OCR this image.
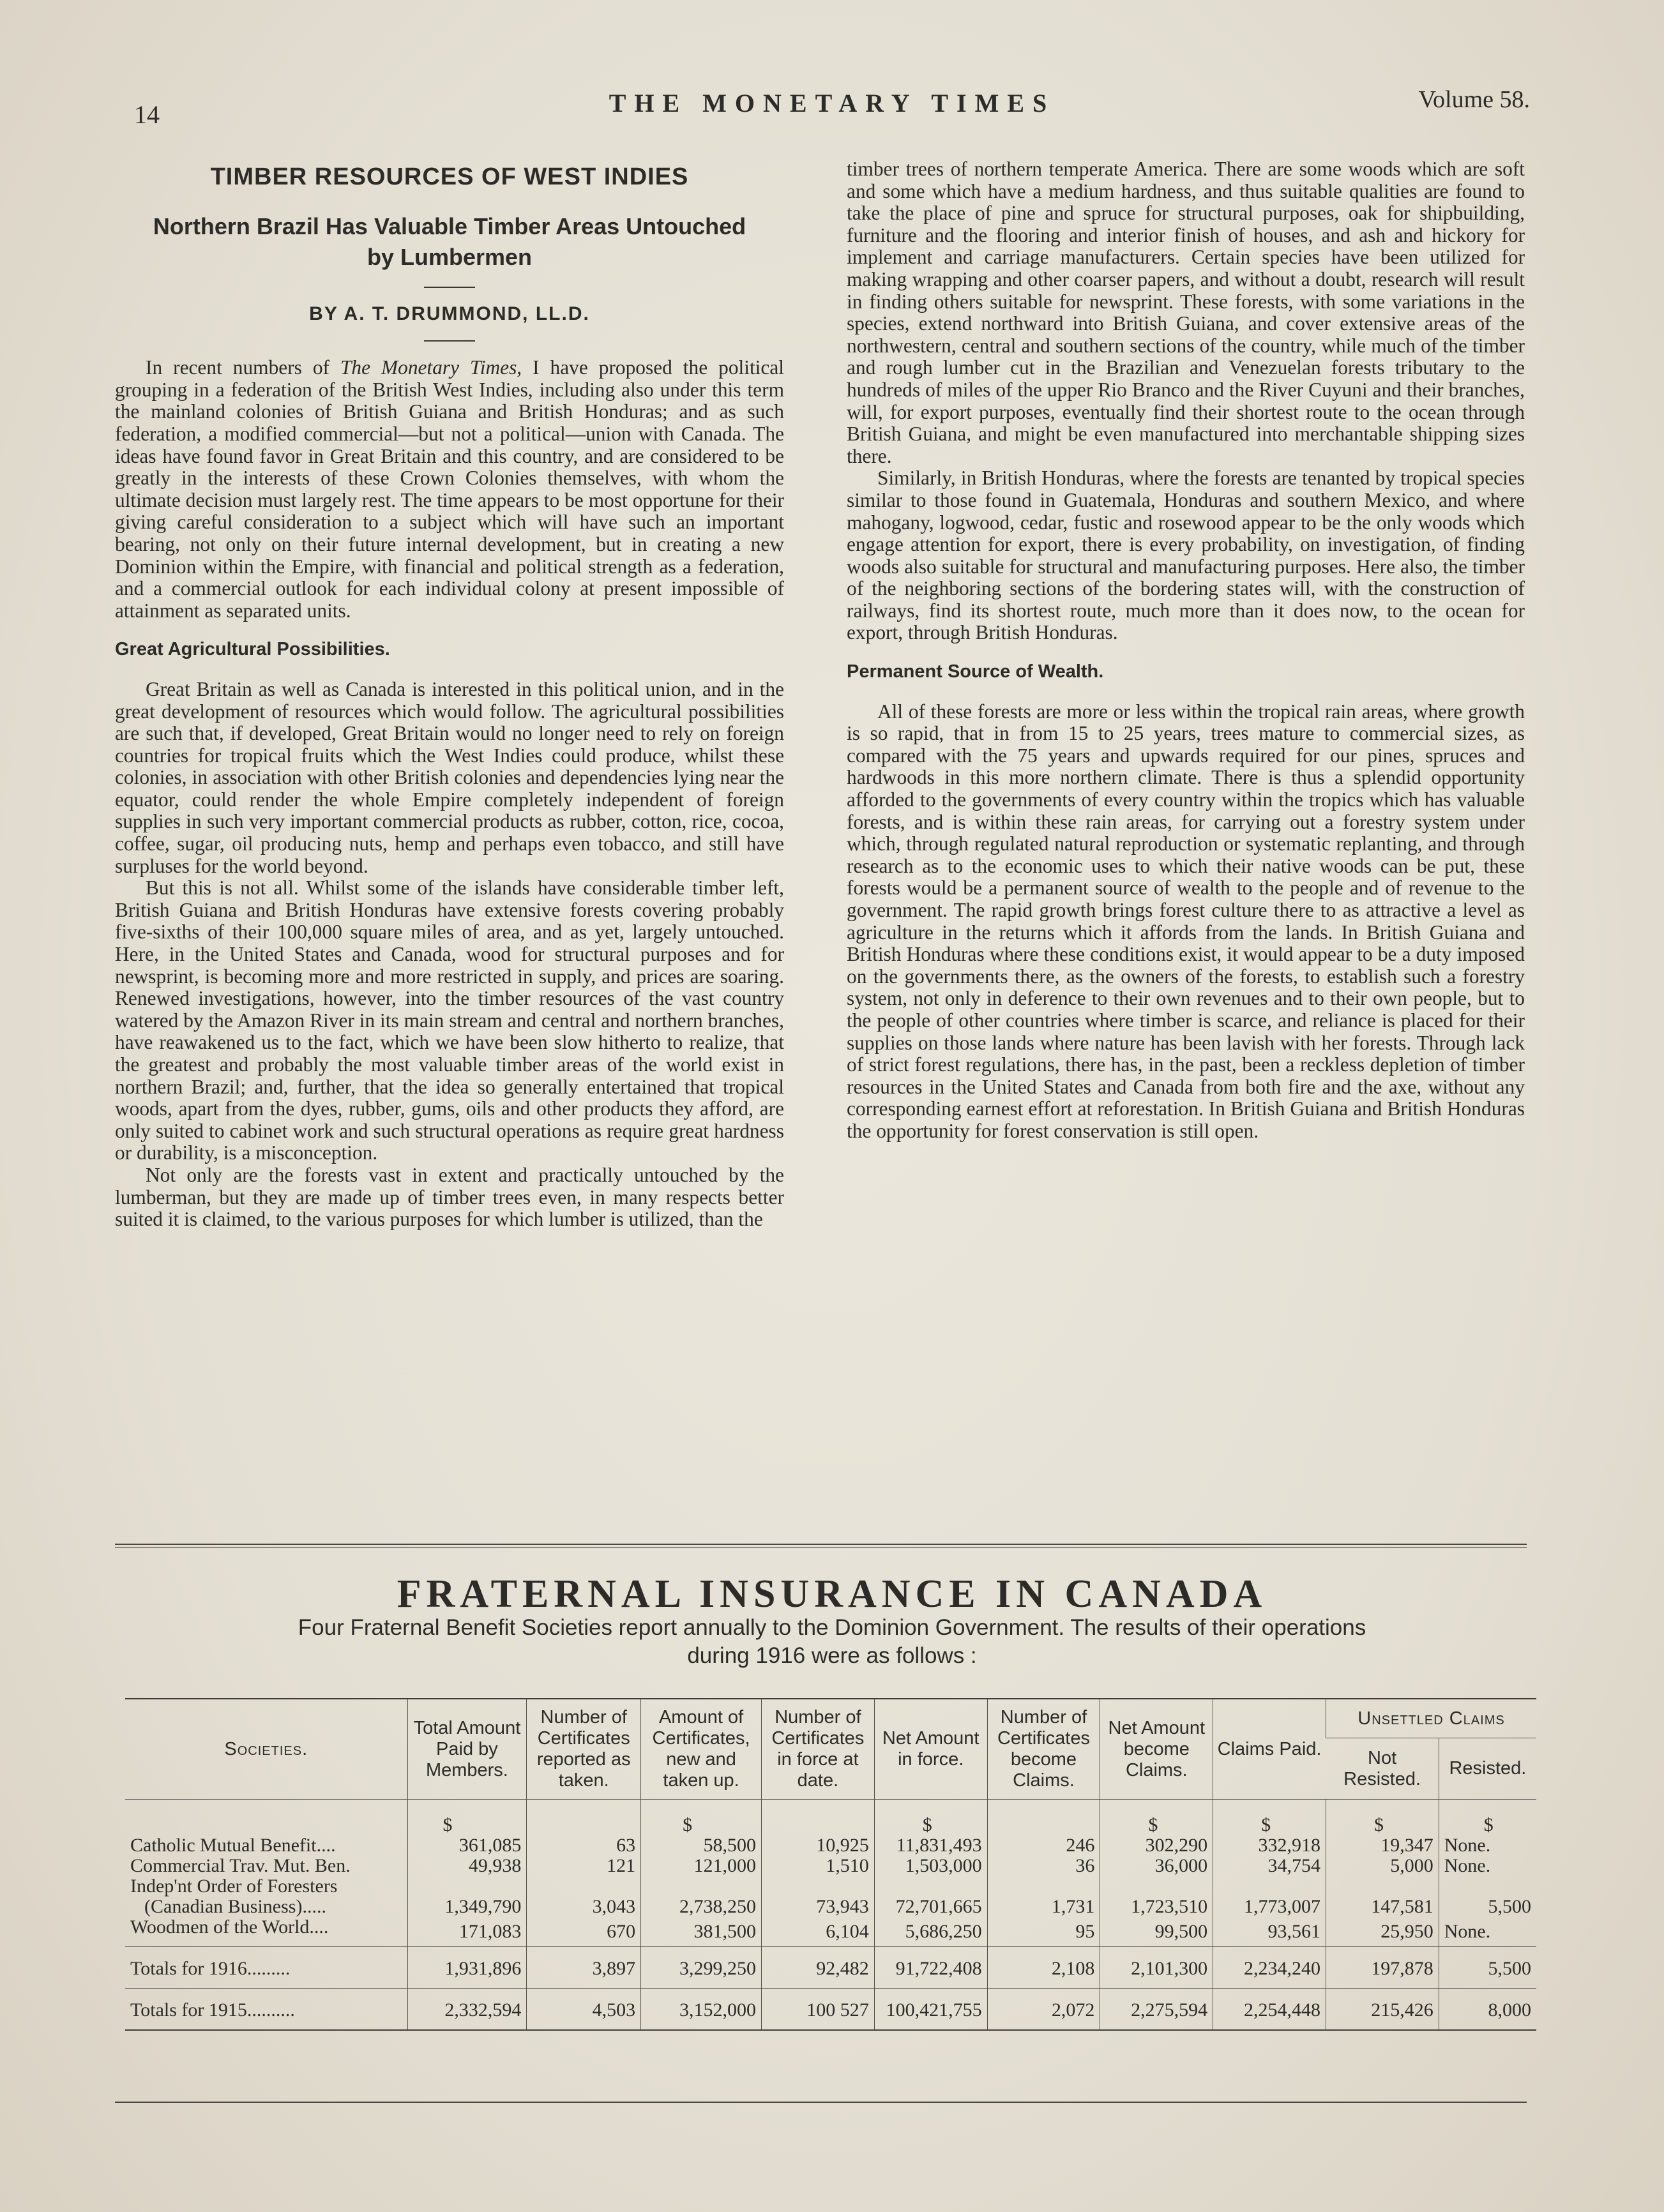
14	THE MONETARY TIMES	Volume 58.
TIMBER RESOURCES OF WEST INDIES
Northern Brazil Has Valuable Timber Areas Untouched by Lumbermen
BY A. T. DRUMMOND, LL.D.

In recent numbers of The Monetary Times, I have proposed the political grouping in a federation of the British West Indies, including also under this term the mainland colonies of British Guiana and British Honduras; and as such federation, a modified commercial—but not a political—union with Canada. The ideas have found favor in Great Britain and this country, and are considered to be greatly in the interests of these Crown Colonies themselves, with whom the ultimate decision must largely rest. The time appears to be most opportune for their giving careful consideration to a subject which will have such an important bearing, not only on their future internal development, but in creating a new Dominion within the Empire, with financial and political strength as a federation, and a commercial outlook for each individual colony at present impossible of attainment as separated units.

Great Agricultural Possibilities.

Great Britain as well as Canada is interested in this political union, and in the great development of resources which would follow. The agricultural possibilities are such that, if developed, Great Britain would no longer need to rely on foreign countries for tropical fruits which the West Indies could produce, whilst these colonies, in association with other British colonies and dependencies lying near the equator, could render the whole Empire completely independent of foreign supplies in such very important commercial products as rubber, cotton, rice, cocoa, coffee, sugar, oil producing nuts, hemp and perhaps even tobacco, and still have surpluses for the world beyond.

But this is not all. Whilst some of the islands have considerable timber left, British Guiana and British Honduras have extensive forests covering probably five-sixths of their 100,000 square miles of area, and as yet, largely untouched. Here, in the United States and Canada, wood for structural purposes and for newsprint, is becoming more and more restricted in supply, and prices are soaring. Renewed investigations, however, into the timber resources of the vast country watered by the Amazon River in its main stream and central and northern branches, have reawakened us to the fact, which we have been slow hitherto to realize, that the greatest and probably the most valuable timber areas of the world exist in northern Brazil; and, further, that the idea so generally entertained that tropical woods, apart from the dyes, rubber, gums, oils and other products they afford, are only suited to cabinet work and such structural operations as require great hardness or durability, is a misconception.

Not only are the forests vast in extent and practically untouched by the lumberman, but they are made up of timber trees even, in many respects better suited it is claimed, to the various purposes for which lumber is utilized, than the

timber trees of northern temperate America. There are some woods which are soft and some which have a medium hardness, and thus suitable qualities are found to take the place of pine and spruce for structural purposes, oak for shipbuilding, furniture and the flooring and interior finish of houses, and ash and hickory for implement and carriage manufacturers. Certain species have been utilized for making wrapping and other coarser papers, and without a doubt, research will result in finding others suitable for newsprint. These forests, with some variations in the species, extend northward into British Guiana, and cover extensive areas of the northwestern, central and southern sections of the country, while much of the timber and rough lumber cut in the Brazilian and Venezuelan forests tributary to the hundreds of miles of the upper Rio Branco and the River Cuyuni and their branches, will, for export purposes, eventually find their shortest route to the ocean through British Guiana, and might be even manufactured into merchantable shipping sizes there.

Similarly, in British Honduras, where the forests are tenanted by tropical species similar to those found in Guatemala, Honduras and southern Mexico, and where mahogany, logwood, cedar, fustic and rosewood appear to be the only woods which engage attention for export, there is every probability, on investigation, of finding woods also suitable for structural and manufacturing purposes. Here also, the timber of the neighboring sections of the bordering states will, with the construction of railways, find its shortest route, much more than it does now, to the ocean for export, through British Honduras.

Permanent Source of Wealth.

All of these forests are more or less within the tropical rain areas, where growth is so rapid, that in from 15 to 25 years, trees mature to commercial sizes, as compared with the 75 years and upwards required for our pines, spruces and hardwoods in this more northern climate. There is thus a splendid opportunity afforded to the governments of every country within the tropics which has valuable forests, and is within these rain areas, for carrying out a forestry system under which, through regulated natural reproduction or systematic replanting, and through research as to the economic uses to which their native woods can be put, these forests would be a permanent source of wealth to the people and of revenue to the government. The rapid growth brings forest culture there to as attractive a level as agriculture in the returns which it affords from the lands. In British Guiana and British Honduras where these conditions exist, it would appear to be a duty imposed on the governments there, as the owners of the forests, to establish such a forestry system, not only in deference to their own revenues and to their own people, but to the people of other countries where timber is scarce, and reliance is placed for their supplies on those lands where nature has been lavish with her forests. Through lack of strict forest regulations, there has, in the past, been a reckless depletion of timber resources in the United States and Canada from both fire and the axe, without any corresponding earnest effort at reforestation. In British Guiana and British Honduras the opportunity for forest conservation is still open.

FRATERNAL INSURANCE IN CANADA
Four Fraternal Benefit Societies report annually to the Dominion Government. The results of their operations
during 1916 were as follows :
Societies.	Total Amount Paid by Members.	Number of Certificates reported as taken.	Amount of Certificates, new and taken up.	Number of Certificates in force at date.	Net Amount in force.	Number of Certificates become Claims.	Net Amount become Claims.	Claims Paid.	Unsettled Claims	
									Not Resisted.	Resisted.
	$		$		$		$	$	$	$
Catholic Mutual Benefit....	361,085	63	58,500	10,925	11,831,493	246	302,290	332,918	19,347	None.
Commercial Trav. Mut. Ben.	49,938	121	121,000	1,510	1,503,000	36	36,000	34,754	5,000	None.
Indep'nt Order of Foresters										
(Canadian Business).....	1,349,790	3,043	2,738,250	73,943	72,701,665	1,731	1,723,510	1,773,007	147,581	5,500
Woodmen of the World....	171,083	670	381,500	6,104	5,686,250	95	99,500	93,561	25,950	None.
Totals for 1916.........	1,931,896	3,897	3,299,250	92,482	91,722,408	2,108	2,101,300	2,234,240	197,878	5,500
Totals for 1915..........	2,332,594	4,503	3,152,000	100 527	100,421,755	2,072	2,275,594	2,254,448	215,426	8,000
